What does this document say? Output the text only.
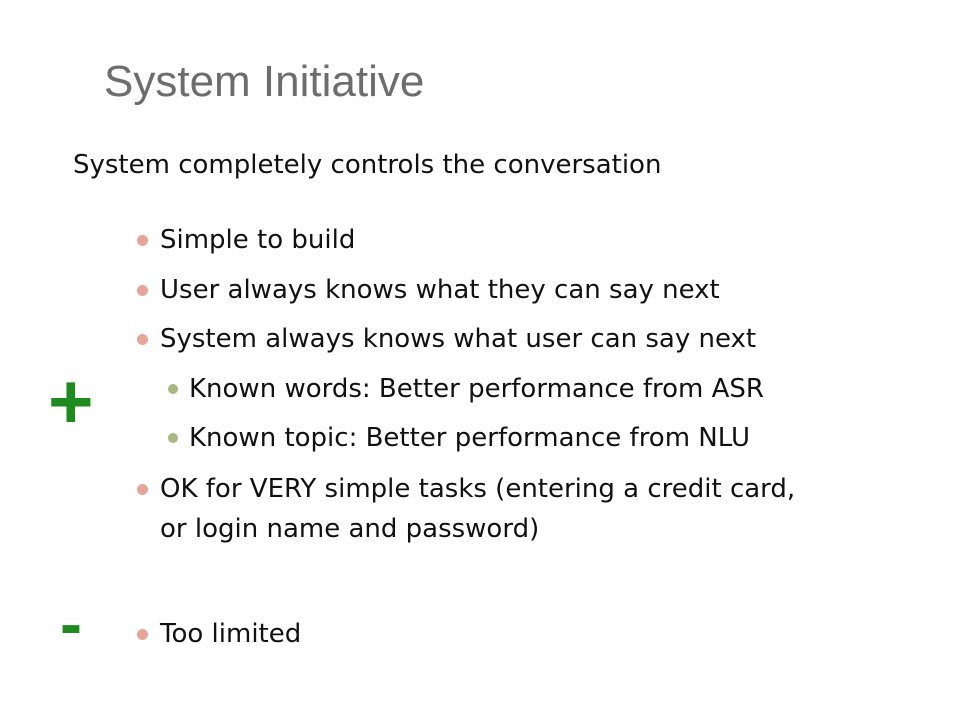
System Initiative

System completely controls the conversation

Simple to build

User always knows what they can say next

System always knows what user can say next

Known words: Better performance from ASR

Known topic: Better performance from NLU

OK for VERY simple tasks (entering a credit card,

or login name and password)

Too limited

+
-
